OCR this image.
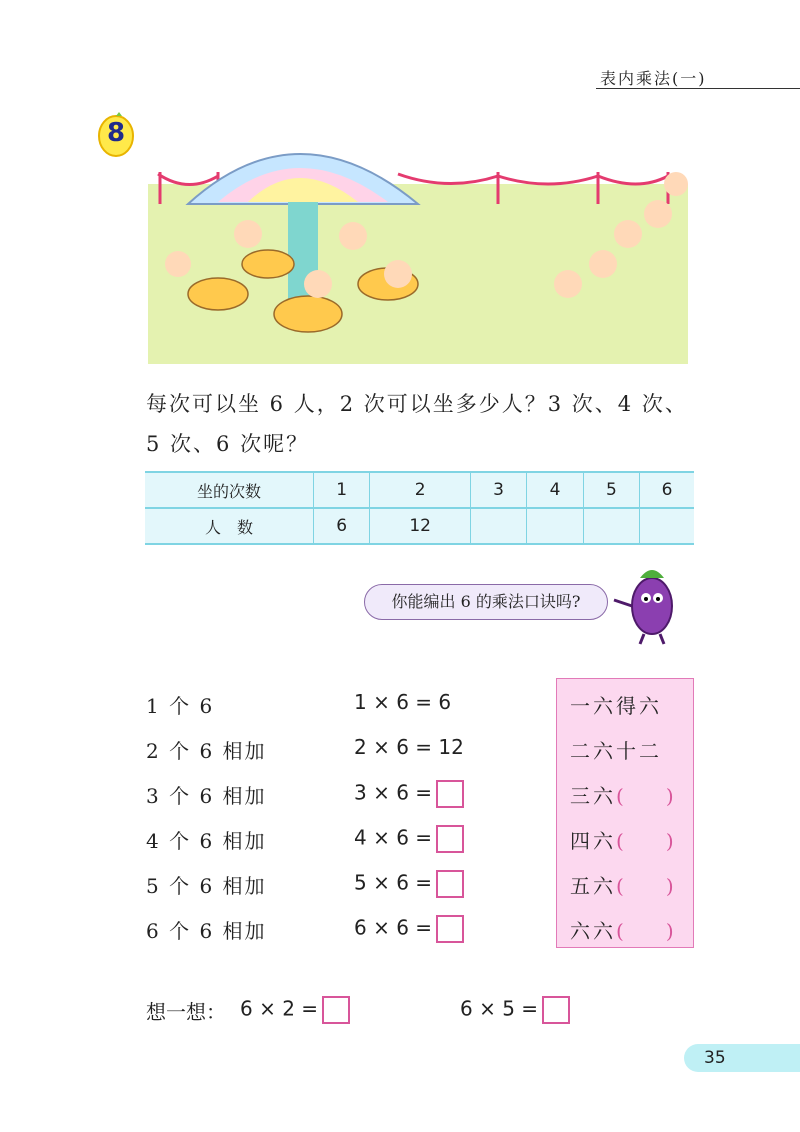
表内乘法(一)
8
每次可以坐 6 人，2 次可以坐多少人？3 次、4 次、
5 次、6 次呢？
坐的次数	1	2	3	4	5	6
人　数	6	12				
你能编出 6 的乘法口诀吗?
1 个 6	1 × 6 = 6
2 个 6 相加	2 × 6 = 12
3 个 6 相加	3 × 6 =
4 个 6 相加	4 × 6 =
5 个 6 相加	5 × 6 =
6 个 6 相加	6 × 6 =
一六得六
二六十二
三六( )
四六( )
五六( )
六六( )
想一想： 6 × 2 =	6 × 5 =
35
